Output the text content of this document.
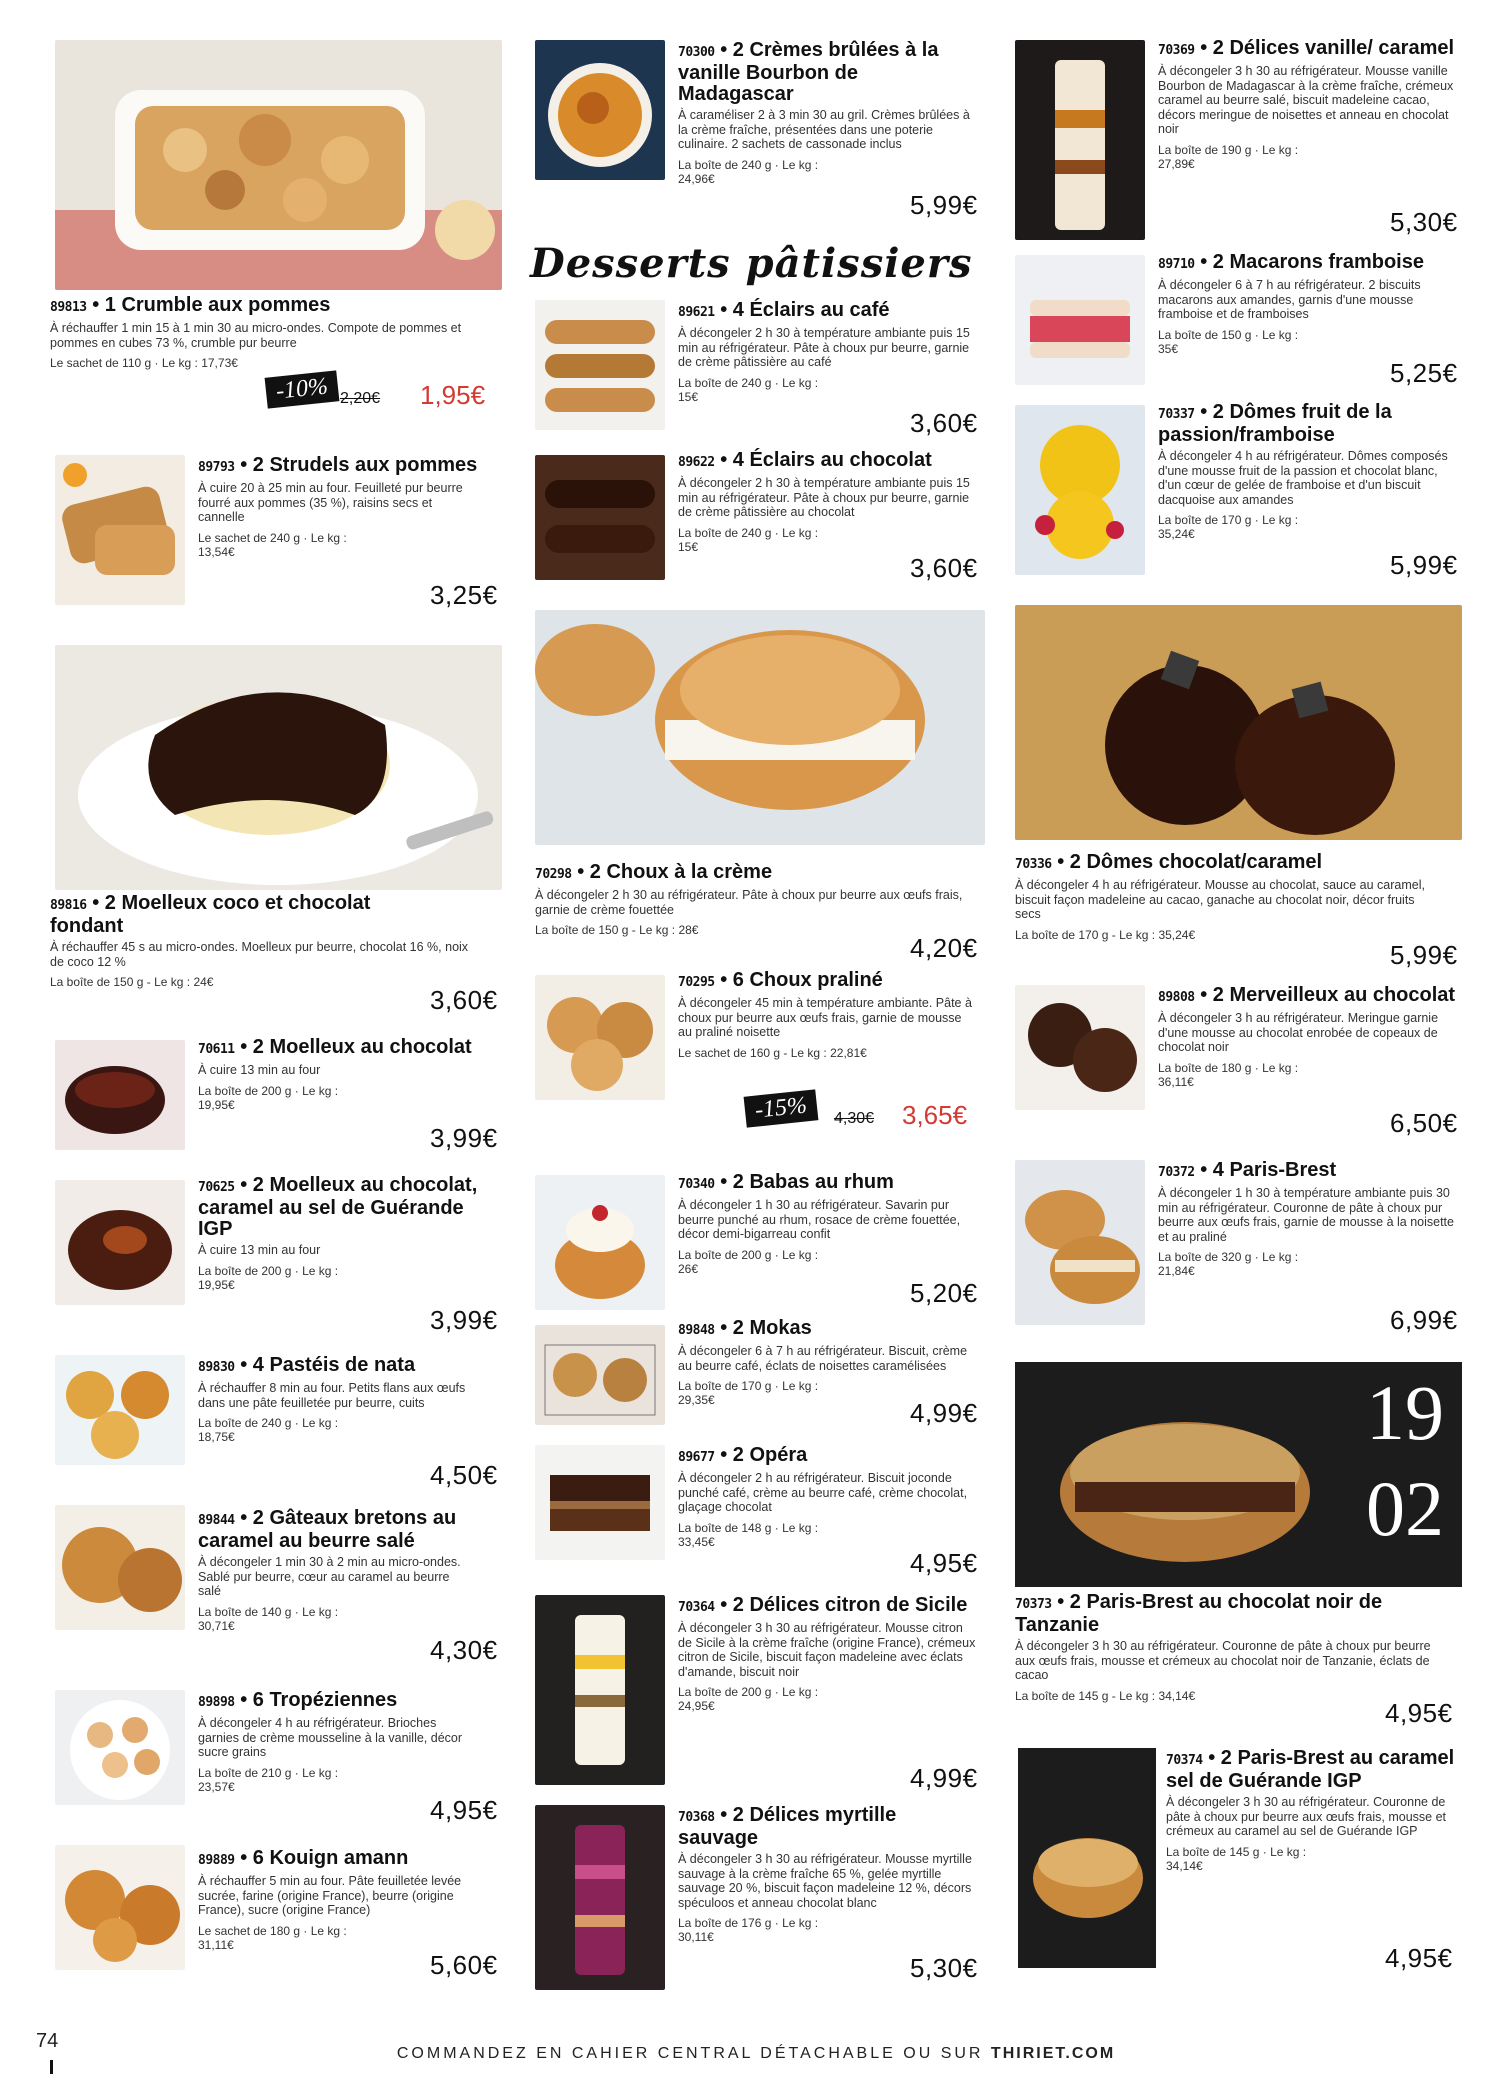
Desserts pâtissiers
89813 • 1 Crumble aux pommes
À réchauffer 1 min 15 à 1 min 30 au micro-ondes. Compote de pommes et pommes en cubes 73 %, crumble pur beurre
Le sachet de 110 g · Le kg : 17,73€
-10% 2,20€ 1,95€
89793 • 2 Strudels aux pommes
À cuire 20 à 25 min au four. Feuilleté pur beurre fourré aux pommes (35 %), raisins secs et cannelle
Le sachet de 240 g · Le kg : 13,54€
3,25€
89816 • 2 Moelleux coco et chocolat fondant
À réchauffer 45 s au micro-ondes. Moelleux pur beurre, chocolat 16 %, noix de coco 12 %
La boîte de 150 g - Le kg : 24€
3,60€
70611 • 2 Moelleux au chocolat
À cuire 13 min au four
La boîte de 200 g · Le kg : 19,95€
3,99€
70625 • 2 Moelleux au chocolat, caramel au sel de Guérande IGP
À cuire 13 min au four
La boîte de 200 g · Le kg : 19,95€
3,99€
89830 • 4 Pastéis de nata
À réchauffer 8 min au four. Petits flans aux œufs dans une pâte feuilletée pur beurre, cuits
La boîte de 240 g · Le kg : 18,75€
4,50€
89844 • 2 Gâteaux bretons au caramel au beurre salé
À décongeler 1 min 30 à 2 min au micro-ondes. Sablé pur beurre, cœur au caramel au beurre salé
La boîte de 140 g · Le kg : 30,71€
4,30€
89898 • 6 Tropéziennes
À décongeler 4 h au réfrigérateur. Brioches garnies de crème mousseline à la vanille, décor sucre grains
La boîte de 210 g · Le kg : 23,57€
4,95€
89889 • 6 Kouign amann
À réchauffer 5 min au four. Pâte feuilletée levée sucrée, farine (origine France), beurre (origine France), sucre (origine France)
Le sachet de 180 g · Le kg : 31,11€
5,60€
70300 • 2 Crèmes brûlées à la vanille Bourbon de Madagascar
À caraméliser 2 à 3 min 30 au gril. Crèmes brûlées à la crème fraîche, présentées dans une poterie culinaire. 2 sachets de cassonade inclus
La boîte de 240 g · Le kg : 24,96€
5,99€
89621 • 4 Éclairs au café
À décongeler 2 h 30 à température ambiante puis 15 min au réfrigérateur. Pâte à choux pur beurre, garnie de crème pâtissière au café
La boîte de 240 g · Le kg : 15€
3,60€
89622 • 4 Éclairs au chocolat
À décongeler 2 h 30 à température ambiante puis 15 min au réfrigérateur. Pâte à choux pur beurre, garnie de crème pâtissière au chocolat
La boîte de 240 g · Le kg : 15€
3,60€
70298 • 2 Choux à la crème
À décongeler 2 h 30 au réfrigérateur. Pâte à choux pur beurre aux œufs frais, garnie de crème fouettée
La boîte de 150 g - Le kg : 28€
4,20€
70295 • 6 Choux praliné
À décongeler 45 min à température ambiante. Pâte à choux pur beurre aux œufs frais, garnie de mousse au praliné noisette
Le sachet de 160 g - Le kg : 22,81€
-15%	4,30€ 3,65€
70340 • 2 Babas au rhum
À décongeler 1 h 30 au réfrigérateur. Savarin pur beurre punché au rhum, rosace de crème fouettée, décor demi-bigarreau confit
La boîte de 200 g · Le kg : 26€
5,20€
89848 • 2 Mokas
À décongeler 6 à 7 h au réfrigérateur. Biscuit, crème au beurre café, éclats de noisettes caramélisées
La boîte de 170 g · Le kg : 29,35€	4,99€
89677 • 2 Opéra
À décongeler 2 h au réfrigérateur. Biscuit joconde punché café, crème au beurre café, crème chocolat, glaçage chocolat
La boîte de 148 g · Le kg : 33,45€
4,95€
70364 • 2 Délices citron de Sicile
À décongeler 3 h 30 au réfrigérateur. Mousse citron de Sicile à la crème fraîche (origine France), crémeux citron de Sicile, biscuit façon madeleine avec éclats d'amande, biscuit noir
La boîte de 200 g · Le kg : 24,95€
4,99€
70368 • 2 Délices myrtille sauvage
À décongeler 3 h 30 au réfrigérateur. Mousse myrtille sauvage à la crème fraîche 65 %, gelée myrtille sauvage 20 %, biscuit façon madeleine 12 %, décors spéculoos et anneau chocolat blanc
La boîte de 176 g · Le kg : 30,11€
5,30€
70369 • 2 Délices vanille/ caramel
À décongeler 3 h 30 au réfrigérateur. Mousse vanille Bourbon de Madagascar à la crème fraîche, crémeux caramel au beurre salé, biscuit madeleine cacao, décors meringue de noisettes et anneau en chocolat noir
La boîte de 190 g · Le kg : 27,89€
5,30€
89710 • 2 Macarons framboise
À décongeler 6 à 7 h au réfrigérateur. 2 biscuits macarons aux amandes, garnis d'une mousse framboise et de framboises
La boîte de 150 g · Le kg : 35€
5,25€
70337 • 2 Dômes fruit de la passion/framboise
À décongeler 4 h au réfrigérateur. Dômes composés d'une mousse fruit de la passion et chocolat blanc, d'un cœur de gelée de framboise et d'un biscuit dacquoise aux amandes
La boîte de 170 g · Le kg : 35,24€
5,99€
70336 • 2 Dômes chocolat/caramel
À décongeler 4 h au réfrigérateur. Mousse au chocolat, sauce au caramel, biscuit façon madeleine au cacao, ganache au chocolat noir, décor fruits secs
La boîte de 170 g - Le kg : 35,24€
5,99€
89808 • 2 Merveilleux au chocolat
À décongeler 3 h au réfrigérateur. Meringue garnie d'une mousse au chocolat enrobée de copeaux de chocolat noir
La boîte de 180 g · Le kg : 36,11€
6,50€
70372 • 4 Paris-Brest
À décongeler 1 h 30 à température ambiante puis 30 min au réfrigérateur. Couronne de pâte à choux pur beurre aux œufs frais, garnie de mousse à la noisette et au praliné
La boîte de 320 g · Le kg : 21,84€
6,99€
19
02
70373 • 2 Paris-Brest au chocolat noir de Tanzanie
À décongeler 3 h 30 au réfrigérateur. Couronne de pâte à choux pur beurre aux œufs frais, mousse et crémeux au chocolat noir de Tanzanie, éclats de cacao
La boîte de 145 g - Le kg : 34,14€
4,95€
70374 • 2 Paris-Brest au caramel sel de Guérande IGP
À décongeler 3 h 30 au réfrigérateur. Couronne de pâte à choux pur beurre aux œufs frais, mousse et crémeux au caramel au sel de Guérande IGP
La boîte de 145 g · Le kg : 34,14€
4,95€
74
COMMANDEZ EN CAHIER CENTRAL DÉTACHABLE OU SUR THIRIET.COM
